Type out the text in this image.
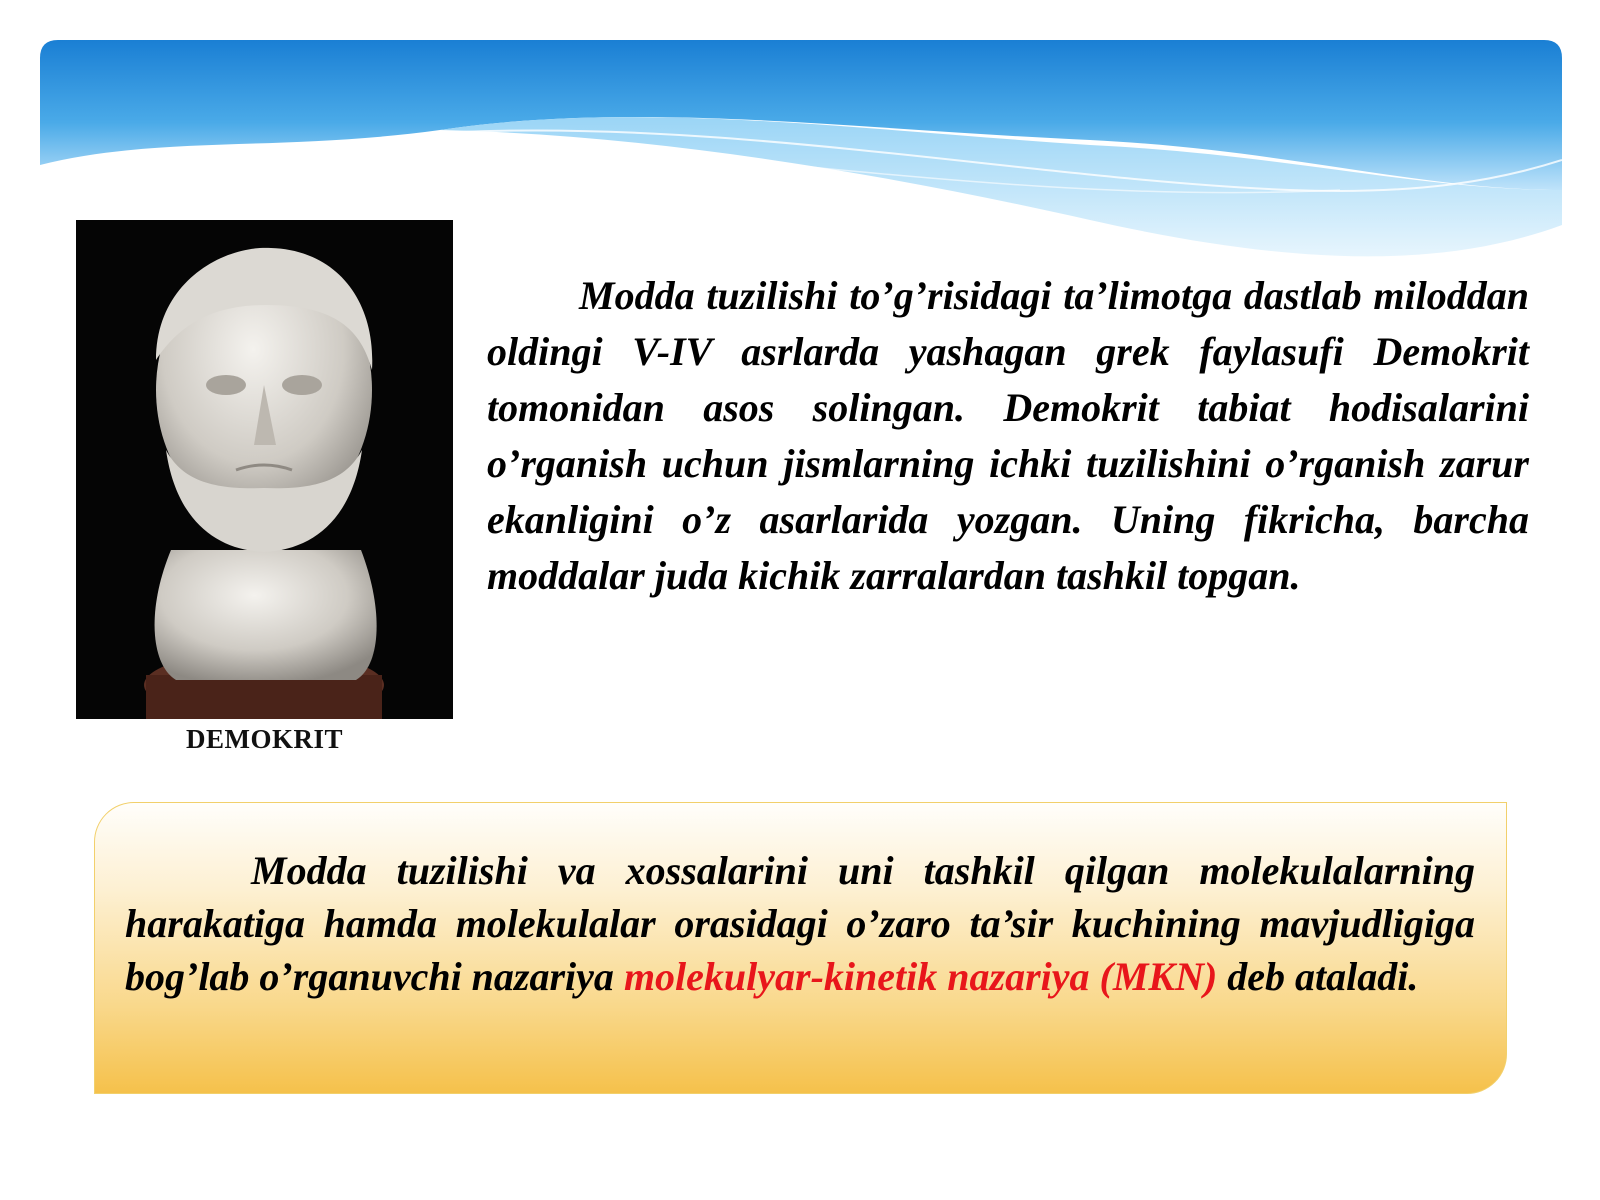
DEMOKRIT

Modda tuzilishi to’g’risidagi ta’limotga dastlab miloddan oldingi V-IV asrlarda yashagan grek faylasufi Demokrit tomonidan asos solingan. Demokrit tabiat hodisalarini o’rganish uchun jismlarning ichki tuzilishini o’rganish zarur ekanligini o’z asarlarida yozgan. Uning fikricha, barcha moddalar juda kichik zarralardan tashkil topgan.

Modda tuzilishi va xossalarini uni tashkil qilgan molekulalarning harakatiga hamda molekulalar orasidagi o’zaro ta’sir kuchining mavjudligiga bog’lab o’rganuvchi nazariya molekulyar-kinetik nazariya (MKN) deb ataladi.
